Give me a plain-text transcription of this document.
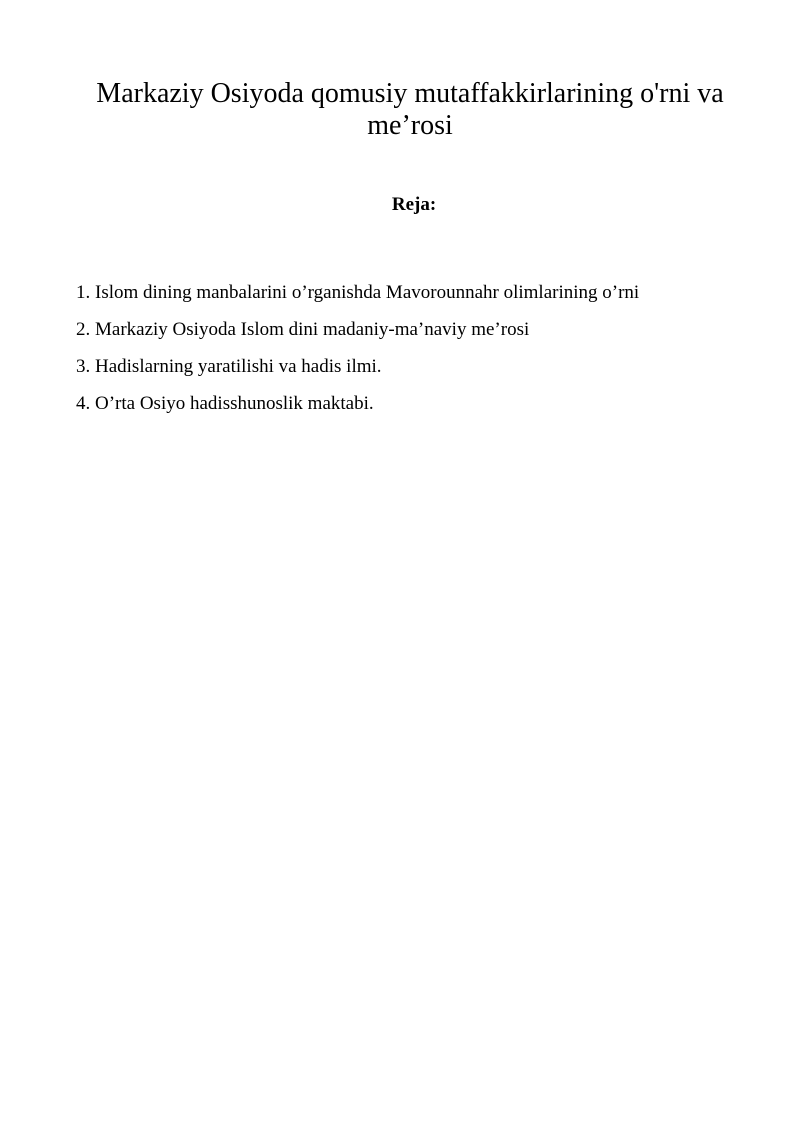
Markaziy Osiyoda qomusiy mutaffakkirlarining o'rni va me’rosi
Reja:
1. Islom dining manbalarini o’rganishda Mavorounnahr olimlarining o’rni
2. Markaziy Osiyoda Islom dini madaniy-ma’naviy me’rosi
3. Hadislarning yaratilishi va hadis ilmi.
4. O’rta Osiyo hadisshunoslik maktabi.
